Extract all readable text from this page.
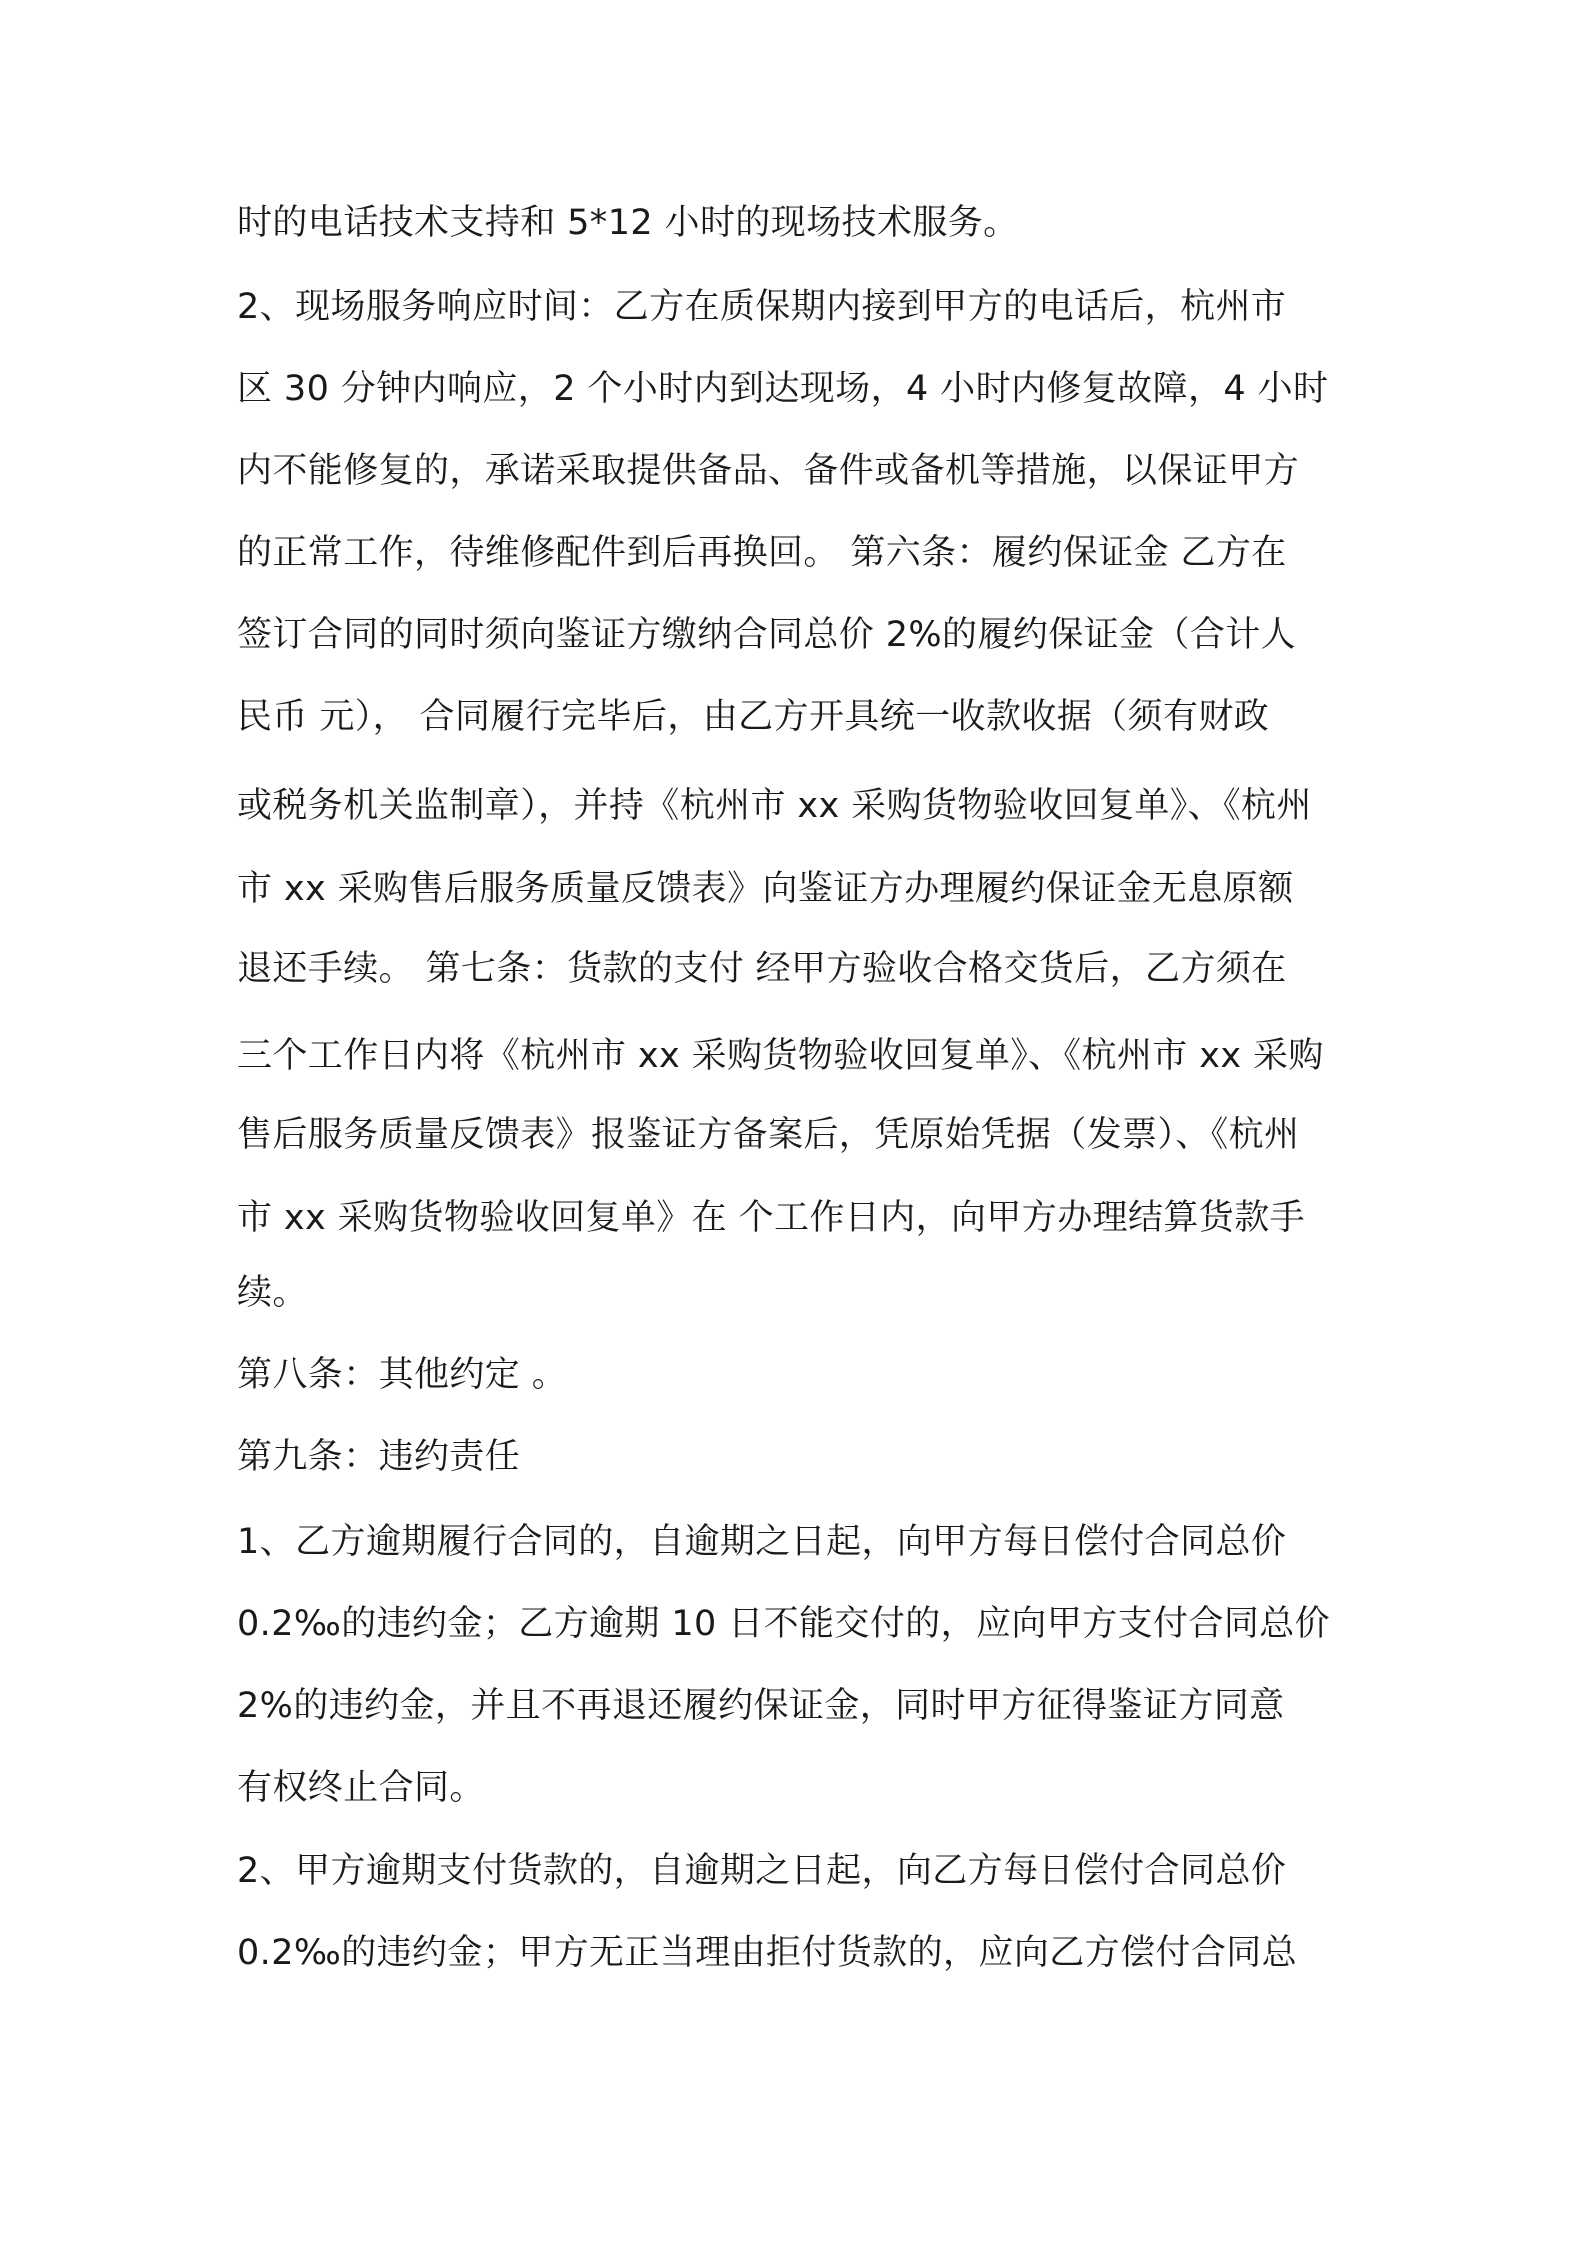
时的电话技术支持和 5*12 小时的现场技术服务。

2、现场服务响应时间：乙方在质保期内接到甲方的电话后，杭州市

区 30 分钟内响应，2 个小时内到达现场，4 小时内修复故障，4 小时

内不能修复的，承诺采取提供备品、备件或备机等措施，以保证甲方

的正常工作，待维修配件到后再换回。 第六条：履约保证金 乙方在

签订合同的同时须向鉴证方缴纳合同总价 2%的履约保证金（合计人

民币 元）， 合同履行完毕后，由乙方开具统一收款收据（须有财政

或税务机关监制章），并持《杭州市 xx 采购货物验收回复单》、《杭州

市 xx 采购售后服务质量反馈表》向鉴证方办理履约保证金无息原额

退还手续。 第七条：货款的支付 经甲方验收合格交货后，乙方须在

三个工作日内将《杭州市 xx 采购货物验收回复单》、《杭州市 xx 采购

售后服务质量反馈表》报鉴证方备案后，凭原始凭据（发票）、《杭州

市 xx 采购货物验收回复单》在 个工作日内，向甲方办理结算货款手

续。

第八条：其他约定 。

第九条：违约责任

1、乙方逾期履行合同的，自逾期之日起，向甲方每日偿付合同总价

0.2‰的违约金；乙方逾期 10 日不能交付的，应向甲方支付合同总价

2%的违约金，并且不再退还履约保证金，同时甲方征得鉴证方同意

有权终止合同。

2、甲方逾期支付货款的，自逾期之日起，向乙方每日偿付合同总价

0.2‰的违约金；甲方无正当理由拒付货款的，应向乙方偿付合同总
